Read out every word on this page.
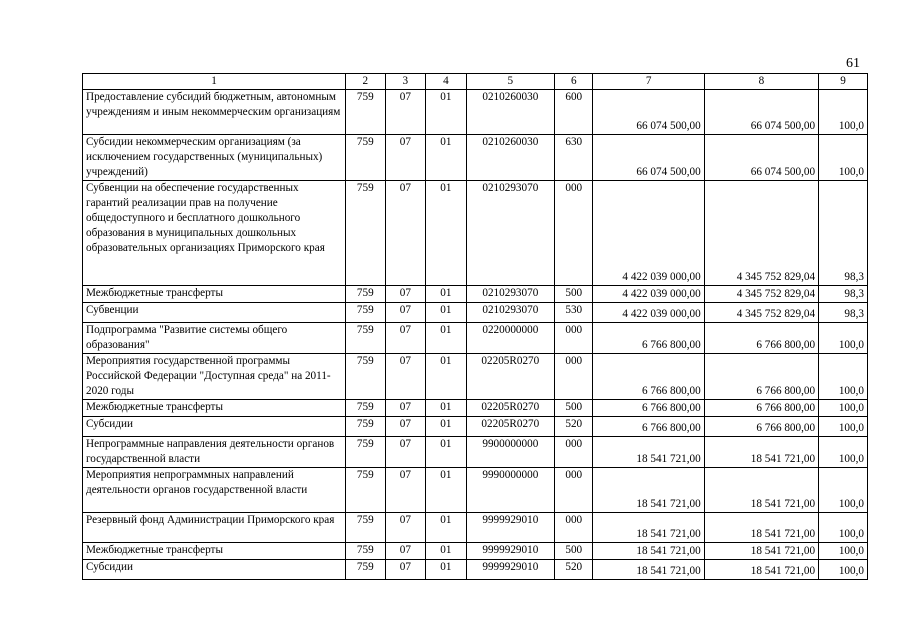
61
1	2	3	4	5	6	7	8	9
Предоставление субсидий бюджетным, автономным учреждениям и иным некоммерческим организациям	759	07	01	0210260030	600	66 074 500,00	66 074 500,00	100,0
Субсидии некоммерческим организациям (за исключением государственных (муниципальных) учреждений)	759	07	01	0210260030	630	66 074 500,00	66 074 500,00	100,0
Субвенции на обеспечение государственных гарантий реализации прав на получение общедоступного и бесплатного дошкольного образования в муниципальных дошкольных образовательных организациях Приморского края	759	07	01	0210293070	000	4 422 039 000,00	4 345 752 829,04	98,3
Межбюджетные трансферты	759	07	01	0210293070	500	4 422 039 000,00	4 345 752 829,04	98,3
Субвенции	759	07	01	0210293070	530	4 422 039 000,00	4 345 752 829,04	98,3
Подпрограмма "Развитие системы общего образования"	759	07	01	0220000000	000	6 766 800,00	6 766 800,00	100,0
Мероприятия государственной программы Российской Федерации "Доступная среда" на 2011-2020 годы	759	07	01	02205R0270	000	6 766 800,00	6 766 800,00	100,0
Межбюджетные трансферты	759	07	01	02205R0270	500	6 766 800,00	6 766 800,00	100,0
Субсидии	759	07	01	02205R0270	520	6 766 800,00	6 766 800,00	100,0
Непрограммные направления деятельности органов государственной власти	759	07	01	9900000000	000	18 541 721,00	18 541 721,00	100,0
Мероприятия непрограммных направлений деятельности органов государственной власти	759	07	01	9990000000	000	18 541 721,00	18 541 721,00	100,0
Резервный фонд Администрации Приморского края	759	07	01	9999929010	000	18 541 721,00	18 541 721,00	100,0
Межбюджетные трансферты	759	07	01	9999929010	500	18 541 721,00	18 541 721,00	100,0
Субсидии	759	07	01	9999929010	520	18 541 721,00	18 541 721,00	100,0
